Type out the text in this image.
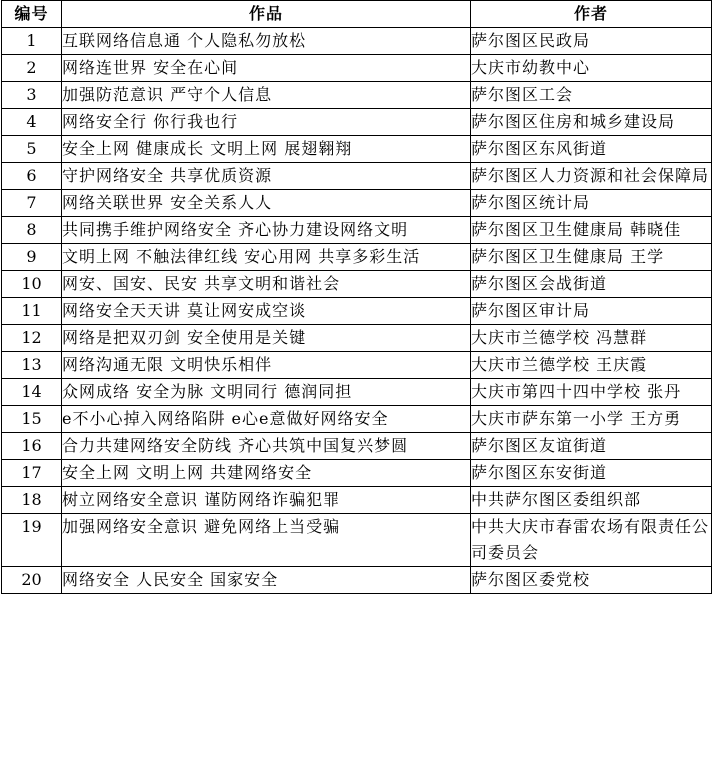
编号	作品	作者
1	互联网络信息通 个人隐私勿放松	萨尔图区民政局
2	网络连世界 安全在心间	大庆市幼教中心
3	加强防范意识 严守个人信息	萨尔图区工会
4	网络安全行 你行我也行	萨尔图区住房和城乡建设局
5	安全上网 健康成长 文明上网 展翅翱翔	萨尔图区东风街道
6	守护网络安全 共享优质资源	萨尔图区人力资源和社会保障局
7	网络关联世界 安全关系人人	萨尔图区统计局
8	共同携手维护网络安全 齐心协力建设网络文明	萨尔图区卫生健康局 韩晓佳
9	文明上网 不触法律红线 安心用网 共享多彩生活	萨尔图区卫生健康局 王学
10	网安、国安、民安 共享文明和谐社会	萨尔图区会战街道
11	网络安全天天讲 莫让网安成空谈	萨尔图区审计局
12	网络是把双刃剑 安全使用是关键	大庆市兰德学校 冯慧群
13	网络沟通无限 文明快乐相伴	大庆市兰德学校 王庆霞
14	众网成络 安全为脉 文明同行 德润同担	大庆市第四十四中学校 张丹
15	e不小心掉入网络陷阱 e心e意做好网络安全	大庆市萨东第一小学 王方勇
16	合力共建网络安全防线 齐心共筑中国复兴梦圆	萨尔图区友谊街道
17	安全上网 文明上网 共建网络安全	萨尔图区东安街道
18	树立网络安全意识 谨防网络诈骗犯罪	中共萨尔图区委组织部
19	加强网络安全意识 避免网络上当受骗	中共大庆市春雷农场有限责任公司委员会
20	网络安全 人民安全 国家安全	萨尔图区委党校
